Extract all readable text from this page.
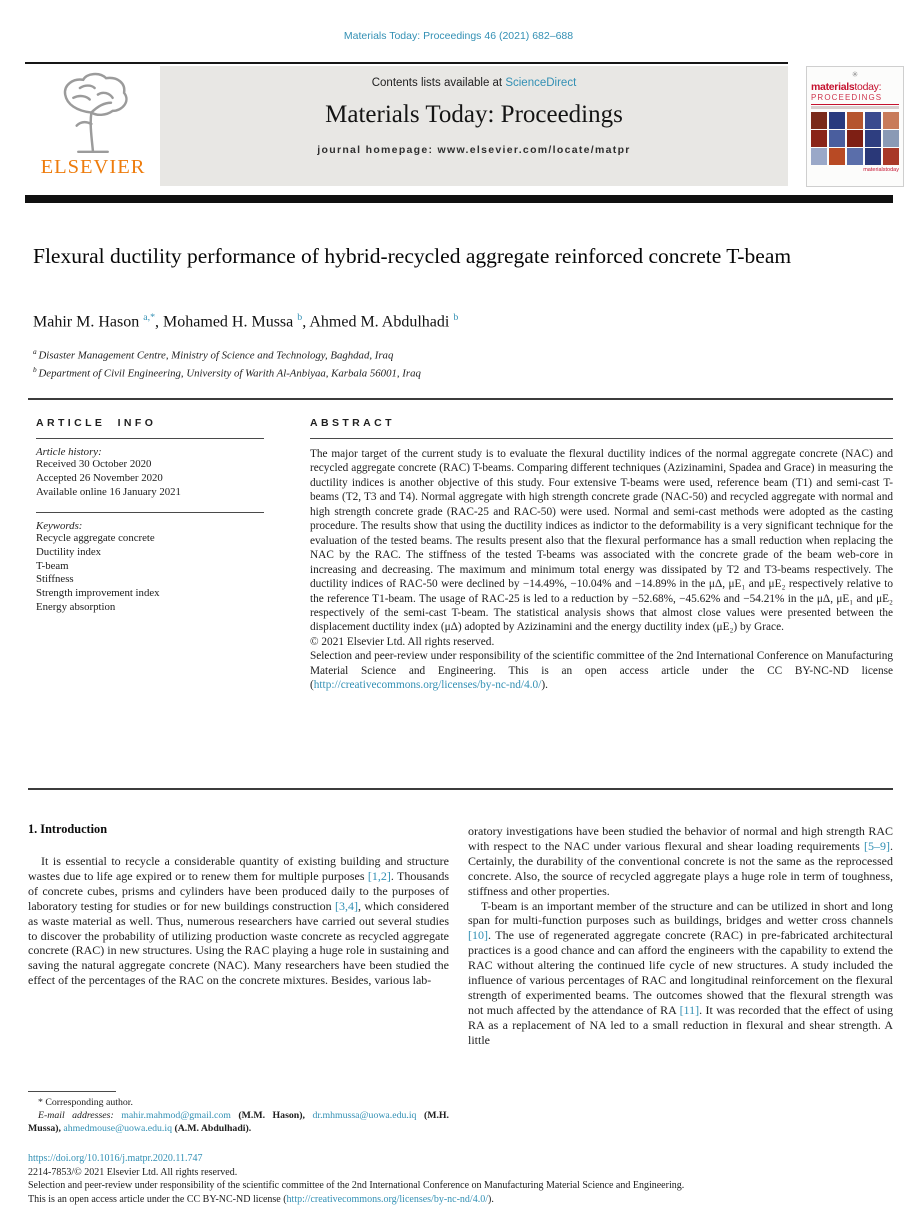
Materials Today: Proceedings 46 (2021) 682–688
ELSEVIER
Contents lists available at ScienceDirect
Materials Today: Proceedings
journal homepage: www.elsevier.com/locate/matpr
✳
materialstoday:
PROCEEDINGS
materialstoday
Flexural ductility performance of hybrid-recycled aggregate reinforced concrete T-beam
Mahir M. Hason $^{a,*}$, Mohamed H. Mussa $^b$, Ahmed M. Abdulhadi $^b$
$^a$ Disaster Management Centre, Ministry of Science and Technology, Baghdad, Iraq
$^b$ Department of Civil Engineering, University of Warith Al-Anbiyaa, Karbala 56001, Iraq
ARTICLE INFO
Article history:
Received 30 October 2020
Accepted 26 November 2020
Available online 16 January 2021
Keywords:
Recycle aggregate concrete
Ductility index
T-beam
Stiffness
Strength improvement index
Energy absorption
ABSTRACT
The major target of the current study is to evaluate the flexural ductility indices of the normal aggregate concrete (NAC) and recycled aggregate concrete (RAC) T-beams. Comparing different techniques (Azizinamini, Spadea and Grace) in measuring the ductility indices is another objective of this study. Four extensive T-beams were used, reference beam (T1) and semi-cast T-beams (T2, T3 and T4). Normal aggregate with high strength concrete grade (NAC-50) and recycled aggregate with normal and high strength concrete grade (RAC-25 and RAC-50) were used. Normal and semi-cast methods were adopted as the casting procedure. The results show that using the ductility indices as indictor to the deformability is a very significant technique for the evaluation of the tested beams. The results present also that the flexural performance has a small reduction when replacing the NAC by the RAC. The stiffness of the tested T-beams was associated with the concrete grade of the beam web-core in increasing and decreasing. The maximum and minimum total energy was dissipated by T2 and T3-beams respectively. The ductility indices of RAC-50 were declined by −14.49%, −10.04% and −14.89% in the μΔ, μE₁ and μE₂ respectively relative to the reference T1-beam. The usage of RAC-25 is led to a reduction by −52.68%, −45.62% and −54.21% in the μΔ, μE₁ and μE₂ respectively of the semi-cast T-beam. The statistical analysis shows that almost close values were presented between the displacement ductility index (μΔ) adopted by Azizinamini and the energy ductility index (μE₂) by Grace.
© 2021 Elsevier Ltd. All rights reserved.
Selection and peer-review under responsibility of the scientific committee of the 2nd International Conference on Manufacturing Material Science and Engineering. This is an open access article under the CC BY-NC-ND license (http://creativecommons.org/licenses/by-nc-nd/4.0/).
1. Introduction
It is essential to recycle a considerable quantity of existing building and structure wastes due to life age expired or to renew them for multiple purposes [1,2]. Thousands of concrete cubes, prisms and cylinders have been produced daily to the purposes of laboratory testing for studies or for new buildings construction [3,4], which considered as waste material as well. Thus, numerous researchers have carried out several studies to discover the probability of utilizing production waste concrete as recycled aggregate concrete (RAC) in new structures. Using the RAC playing a huge role in sustaining and saving the natural aggregate concrete (NAC). Many researchers have been studied the effect of the percentages of the RAC on the concrete mixtures. Besides, various lab-
oratory investigations have been studied the behavior of normal and high strength RAC with respect to the NAC under various flexural and shear loading requirements [5–9]. Certainly, the durability of the conventional concrete is not the same as the reprocessed concrete. Also, the source of recycled aggregate plays a huge role in term of toughness, stiffness and other properties.
T-beam is an important member of the structure and can be utilized in short and long span for multi-function purposes such as buildings, bridges and wetter cross channels [10]. The use of regenerated aggregate concrete (RAC) in pre-fabricated architectural practices is a good chance and can afford the engineers with the capability to extend the RAC without altering the continued life cycle of new structures. A study included the influence of various percentages of RAC and longitudinal reinforcement on the flexural strength of experimented beams. The outcomes showed that the flexural strength was not much affected by the attendance of RA [11]. It was recorded that the effect of using RA as a replacement of NA led to a small reduction in flexural and shear strength. A little
* Corresponding author.
E-mail addresses: mahir.mahmod@gmail.com (M.M. Hason), dr.mhmussa@uowa.edu.iq (M.H. Mussa), ahmedmouse@uowa.edu.iq (A.M. Abdulhadi).
https://doi.org/10.1016/j.matpr.2020.11.747
2214-7853/© 2021 Elsevier Ltd. All rights reserved.
Selection and peer-review under responsibility of the scientific committee of the 2nd International Conference on Manufacturing Material Science and Engineering.
This is an open access article under the CC BY-NC-ND license (http://creativecommons.org/licenses/by-nc-nd/4.0/).
